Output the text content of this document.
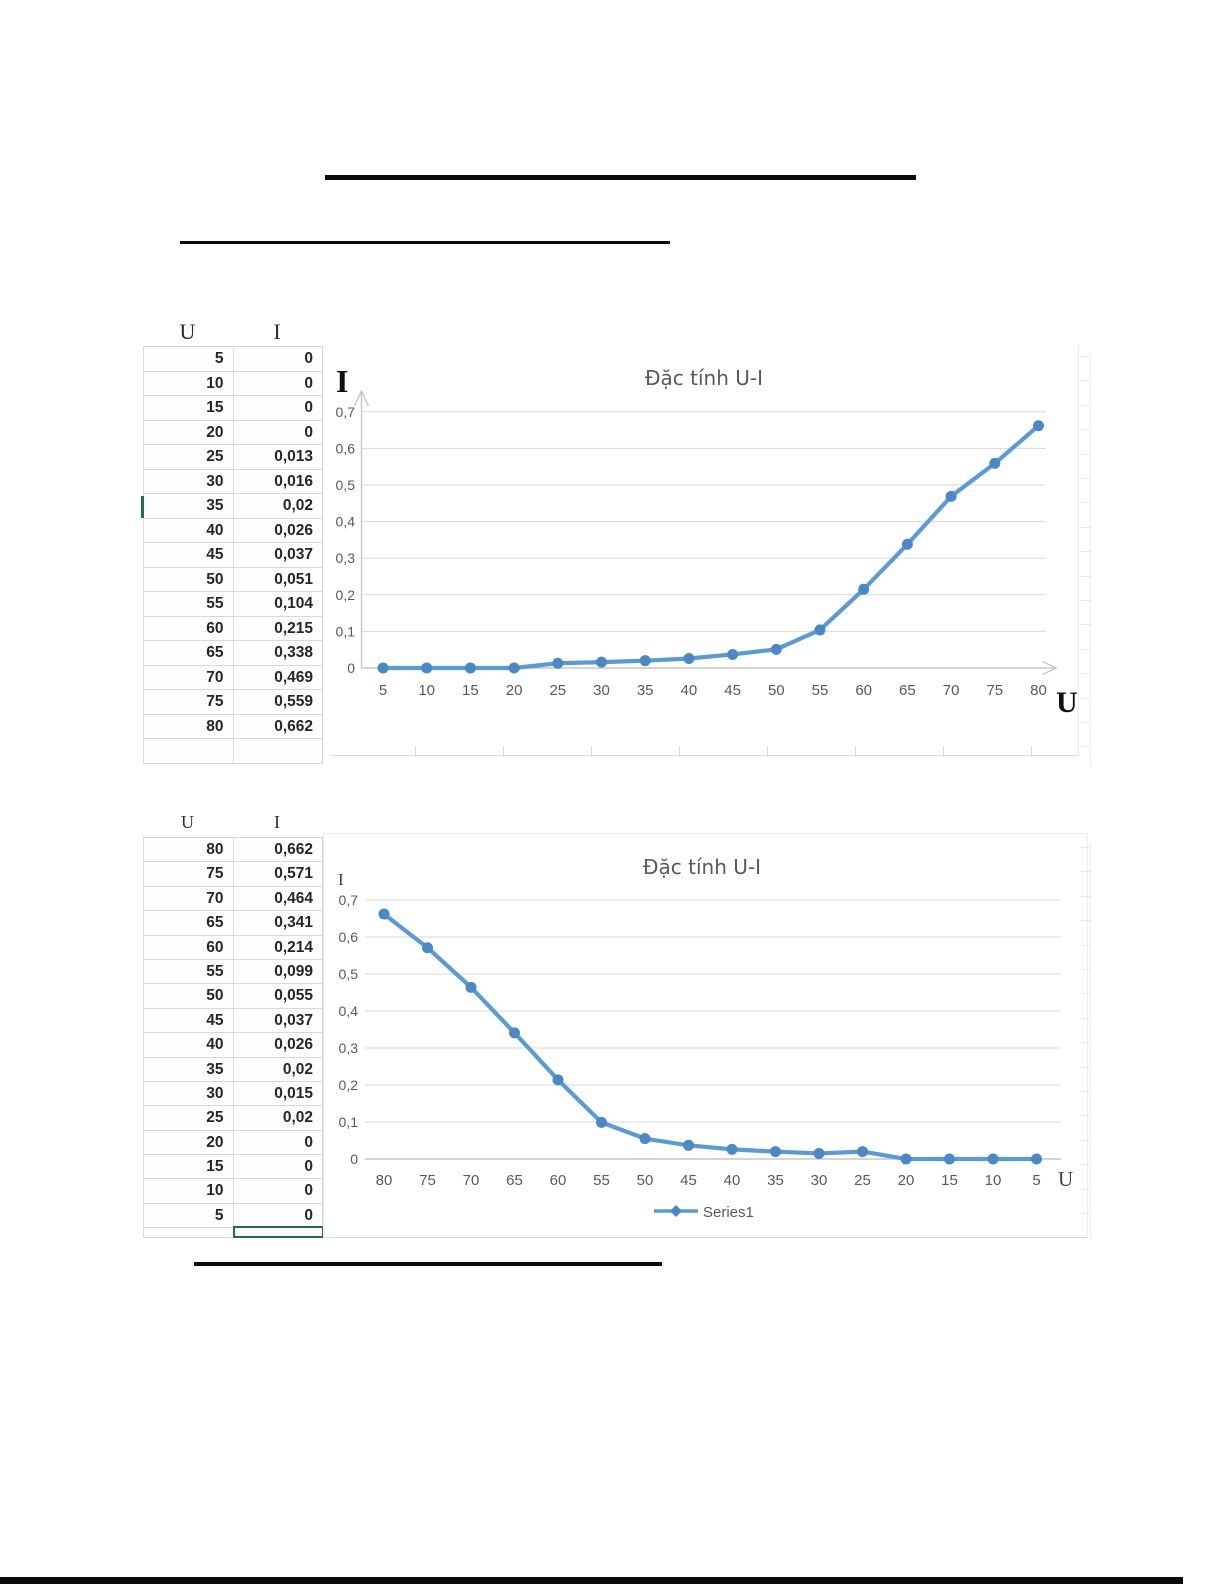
U	I
5	0
10	0
15	0
20	0
25	0,013
30	0,016
35	0,02
40	0,026
45	0,037
50	0,051
55	0,104
60	0,215
65	0,338
70	0,469
75	0,559
80	0,662
0
0,1
0,2
0,3
0,4
0,5
0,6
0,7
5 10 15 20 25 30 35 40 45 50 55 60 65 70 75 80
Đặc tính U-I
I
U
U	I
80	0,662
75	0,571
70	0,464
65	0,341
60	0,214
55	0,099
50	0,055
45	0,037
40	0,026
35	0,02
30	0,015
25	0,02
20	0
15	0
10	0
5	0
0
0,1
0,2
0,3
0,4
0,5
0,6
0,7
80 75 70 65 60 55 50 45 40 35 30 25 20 15 10 5
Đặc tính U-I
I
U
Series1
